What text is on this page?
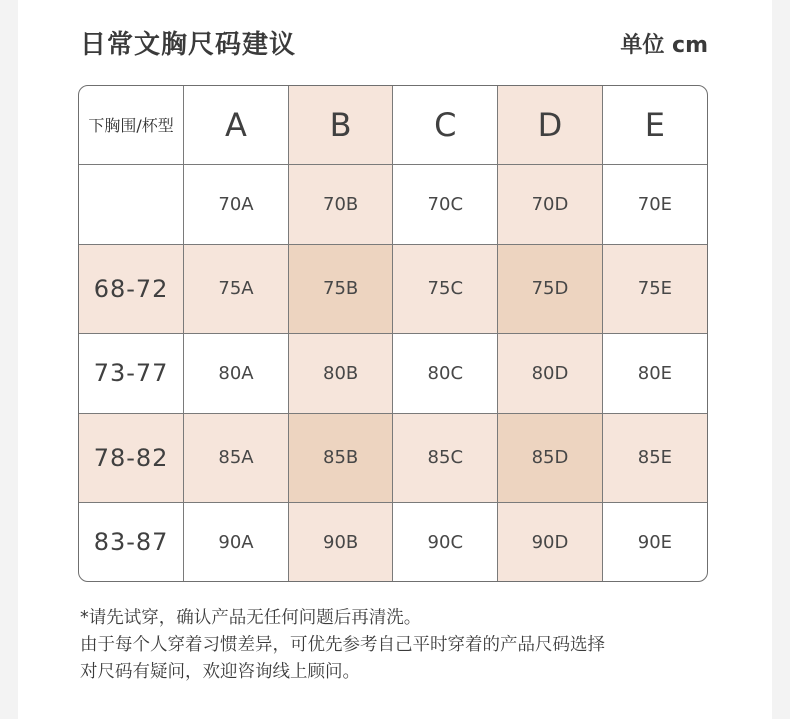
日常文胸尺码建议	单位 cm
下胸围/杯型	A	B	C	D	E
	70A	70B	70C	70D	70E
68-72	75A	75B	75C	75D	75E
73-77	80A	80B	80C	80D	80E
78-82	85A	85B	85C	85D	85E
83-87	90A	90B	90C	90D	90E
*请先试穿，确认产品无任何问题后再清洗。
由于每个人穿着习惯差异，可优先参考自己平时穿着的产品尺码选择
对尺码有疑问，欢迎咨询线上顾问。
